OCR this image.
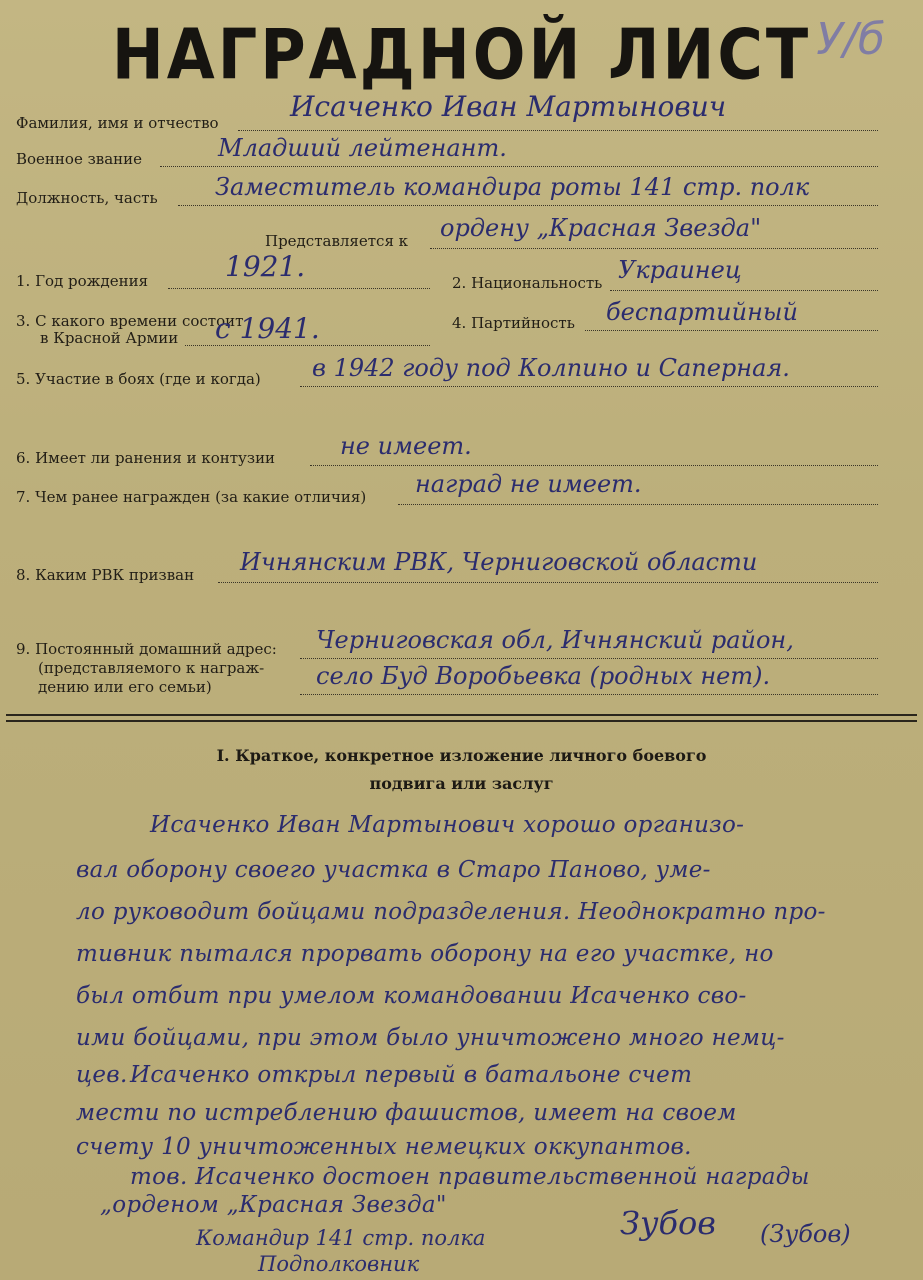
НАГРАДНОЙ ЛИСТ У/б
Фамилия, имя и отчество	Исаченко Иван Мартынович
Военное звание	Младший лейтенант.
Должность, часть Заместитель командира роты 141 стр. полк
Представляется к ордену „Красная Звезда"
1. Год рождения	1921.	2. Национальность Украинец
3. С какого времени состоит
в Красной Армии с 1941.	4. Партийность беспартийный
5. Участие в боях (где и когда) в 1942 году под Колпино и Саперная.
6. Имеет ли ранения и контузии	не имеет.
7. Чем ранее награжден (за какие отличия) наград не имеет.
8. Каким РВК призван Ичнянским РВК, Черниговской области
9. Постоянный домашний адрес:
(представляемого к награж-
дению или его семьи)
Черниговская обл, Ичнянский район,
село Буд Воробьевка (родных нет).
I. Краткое, конкретное изложение личного боевого
подвига или заслуг
Исаченко Иван Мартынович хорошо организо-
вал оборону своего участка в Старо Паново, уме-
ло руководит бойцами подразделения. Неоднократно про-
тивник пытался прорвать оборону на его участке, но
был отбит при умелом командовании Исаченко сво-
ими бойцами, при этом было уничтожено много немц-
цев. Исаченко открыл первый в батальоне счет
мести по истреблению фашистов, имеет на своем
счету 10 уничтоженных немецких оккупантов.
тов. Исаченко достоен правительственной награды
„орденом „Красная Звезда"
Командир 141 стр. полка
Подполковник
Зубов (Зубов)
